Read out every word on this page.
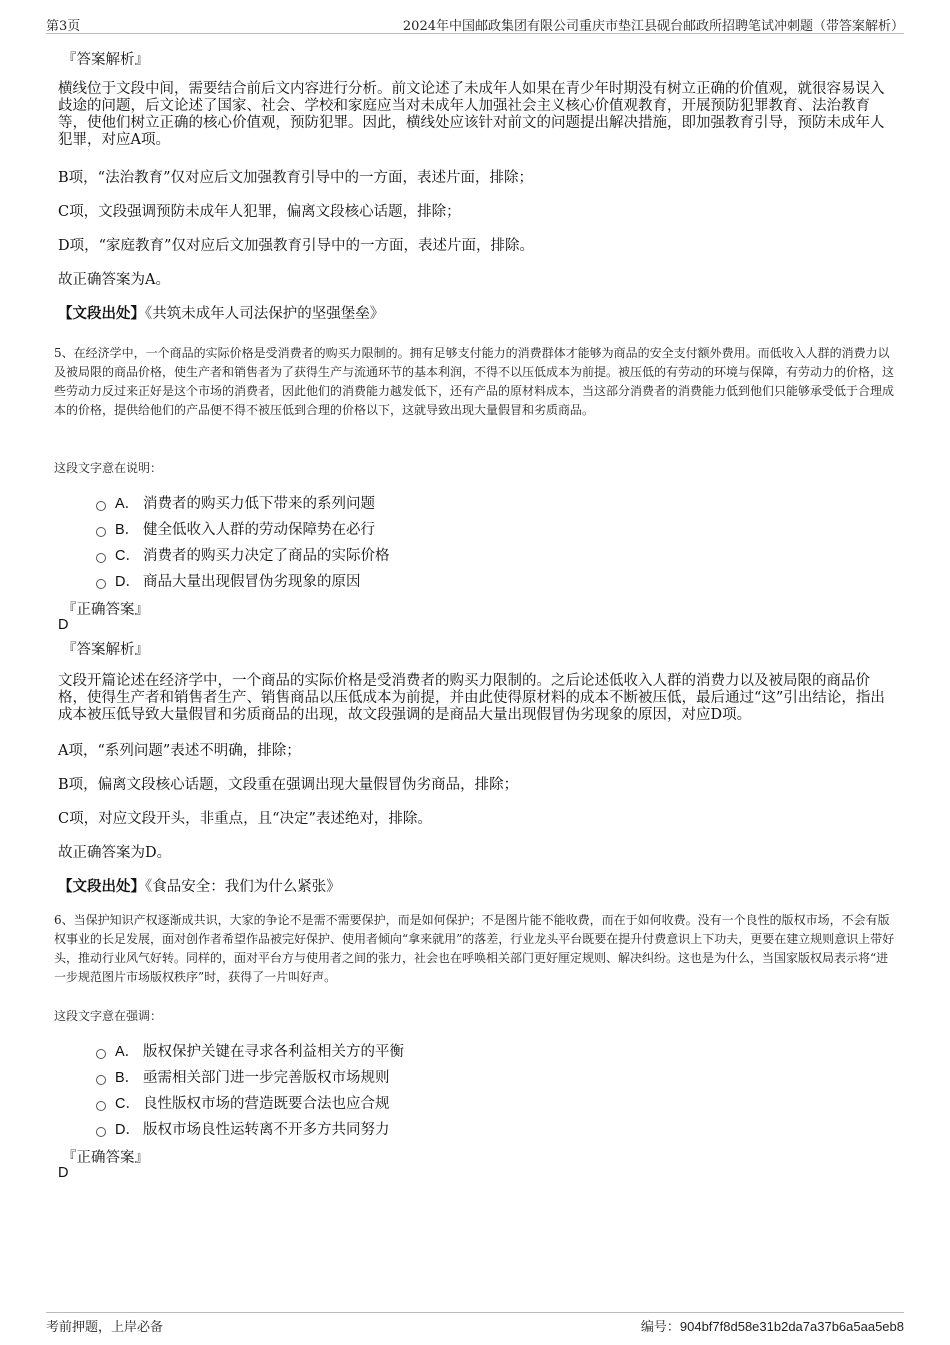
第3页	2024年中国邮政集团有限公司重庆市垫江县砚台邮政所招聘笔试冲刺题（带答案解析）
『答案解析』
横线位于文段中间，需要结合前后文内容进行分析。前文论述了未成年人如果在青少年时期没有树立正确的价值观，就很容易误入歧途的问题，后文论述了国家、社会、学校和家庭应当对未成年人加强社会主义核心价值观教育，开展预防犯罪教育、法治教育等，使他们树立正确的核心价值观，预防犯罪。因此，横线处应该针对前文的问题提出解决措施，即加强教育引导，预防未成年人犯罪，对应A项。
B项，“法治教育”仅对应后文加强教育引导中的一方面，表述片面，排除；
C项，文段强调预防未成年人犯罪，偏离文段核心话题，排除；
D项，“家庭教育”仅对应后文加强教育引导中的一方面，表述片面，排除。
故正确答案为A。
【文段出处】《共筑未成年人司法保护的坚强堡垒》
5、在经济学中，一个商品的实际价格是受消费者的购买力限制的。拥有足够支付能力的消费群体才能够为商品的安全支付额外费用。而低收入人群的消费力以及被局限的商品价格，使生产者和销售者为了获得生产与流通环节的基本利润，不得不以压低成本为前提。被压低的有劳动的环境与保障，有劳动力的价格，这些劳动力反过来正好是这个市场的消费者，因此他们的消费能力越发低下，还有产品的原材料成本，当这部分消费者的消费能力低到他们只能够承受低于合理成本的价格，提供给他们的产品便不得不被压低到合理的价格以下，这就导致出现大量假冒和劣质商品。
这段文字意在说明：
A． 消费者的购买力低下带来的系列问题
B． 健全低收入人群的劳动保障势在必行
C． 消费者的购买力决定了商品的实际价格
D． 商品大量出现假冒伪劣现象的原因
『正确答案』
D
『答案解析』
文段开篇论述在经济学中，一个商品的实际价格是受消费者的购买力限制的。之后论述低收入人群的消费力以及被局限的商品价格，使得生产者和销售者生产、销售商品以压低成本为前提，并由此使得原材料的成本不断被压低，最后通过“这”引出结论，指出成本被压低导致大量假冒和劣质商品的出现，故文段强调的是商品大量出现假冒伪劣现象的原因，对应D项。
A项，“系列问题”表述不明确，排除；
B项，偏离文段核心话题，文段重在强调出现大量假冒伪劣商品，排除；
C项，对应文段开头，非重点，且“决定”表述绝对，排除。
故正确答案为D。
【文段出处】《食品安全：我们为什么紧张》
6、当保护知识产权逐渐成共识，大家的争论不是需不需要保护，而是如何保护；不是图片能不能收费，而在于如何收费。没有一个良性的版权市场，不会有版权事业的长足发展，面对创作者希望作品被完好保护、使用者倾向“拿来就用”的落差，行业龙头平台既要在提升付费意识上下功夫，更要在建立规则意识上带好头，推动行业风气好转。同样的，面对平台方与使用者之间的张力，社会也在呼唤相关部门更好厘定规则、解决纠纷。这也是为什么，当国家版权局表示将“进一步规范图片市场版权秩序”时，获得了一片叫好声。
这段文字意在强调：
A． 版权保护关键在寻求各利益相关方的平衡
B． 亟需相关部门进一步完善版权市场规则
C． 良性版权市场的营造既要合法也应合规
D． 版权市场良性运转离不开多方共同努力
『正确答案』
D
考前押题，上岸必备	编号：904bf7f8d58e31b2da7a37b6a5aa5eb8
